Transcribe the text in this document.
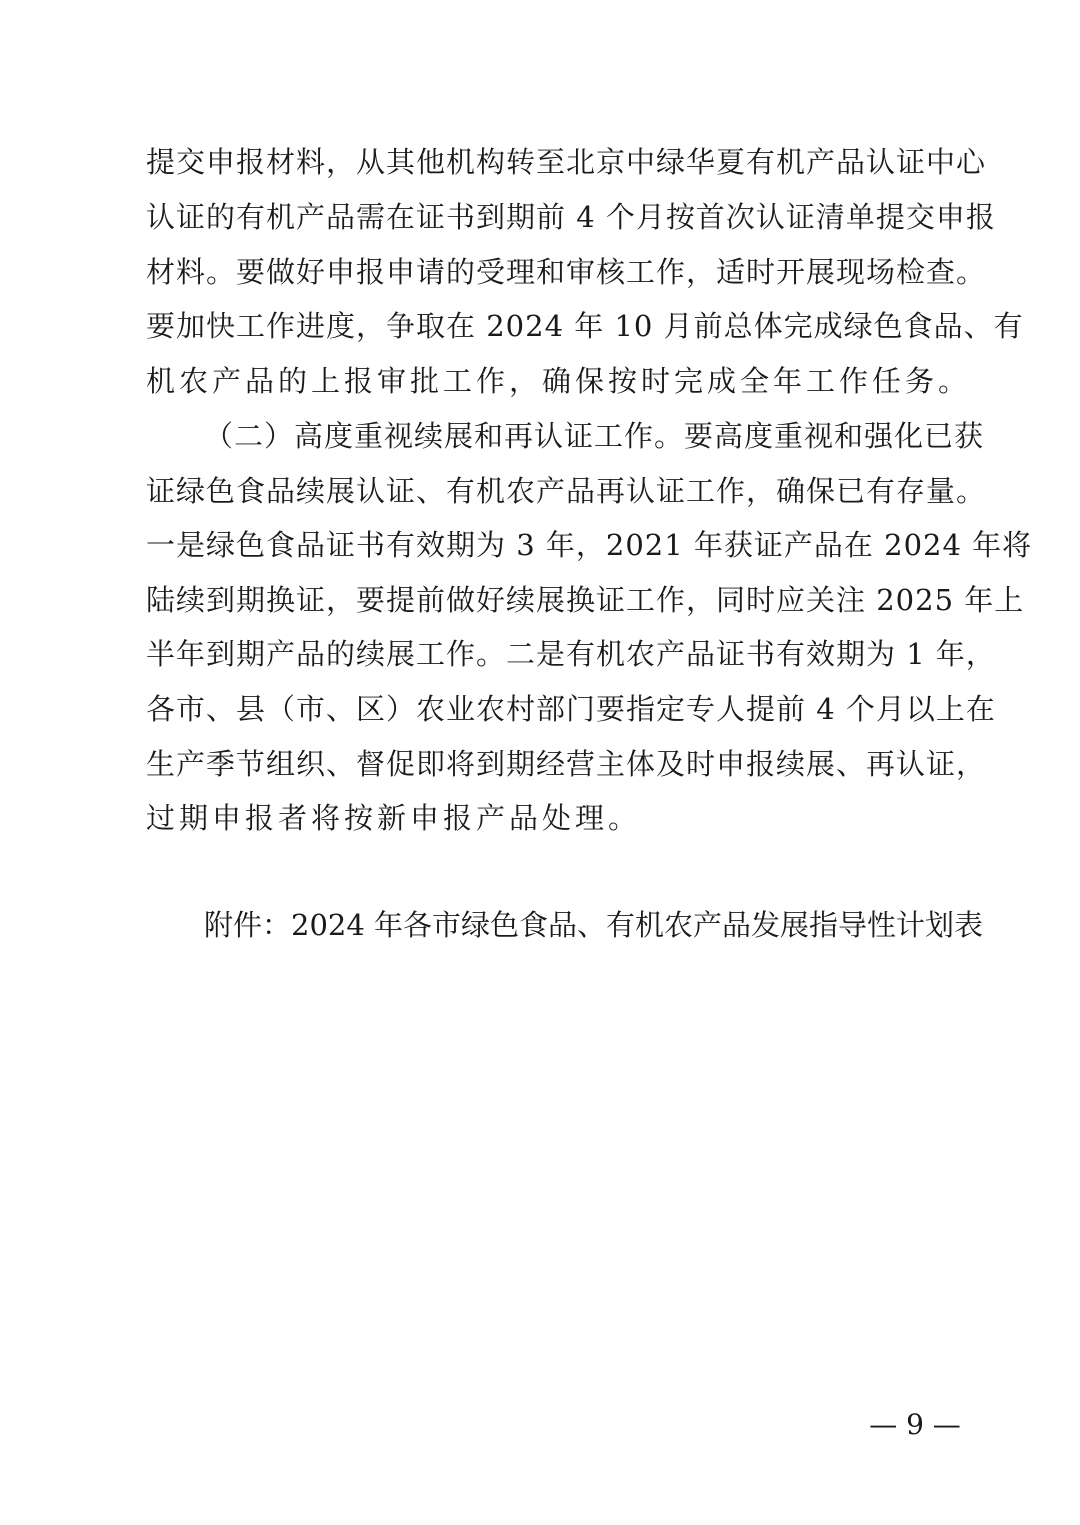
提交申报材料，从其他机构转至北京中绿华夏有机产品认证中心
认证的有机产品需在证书到期前 4 个月按首次认证清单提交申报
材料。要做好申报申请的受理和审核工作，适时开展现场检查。
要加快工作进度，争取在 2024 年 10 月前总体完成绿色食品、有
机农产品的上报审批工作，确保按时完成全年工作任务。
（二）高度重视续展和再认证工作。要高度重视和强化已获
证绿色食品续展认证、有机农产品再认证工作，确保已有存量。
一是绿色食品证书有效期为 3 年，2021 年获证产品在 2024 年将
陆续到期换证，要提前做好续展换证工作，同时应关注 2025 年上
半年到期产品的续展工作。二是有机农产品证书有效期为 1 年，
各市、县（市、区）农业农村部门要指定专人提前 4 个月以上在
生产季节组织、督促即将到期经营主体及时申报续展、再认证，
过期申报者将按新申报产品处理。
附件：2024 年各市绿色食品、有机农产品发展指导性计划表
— 9 —
